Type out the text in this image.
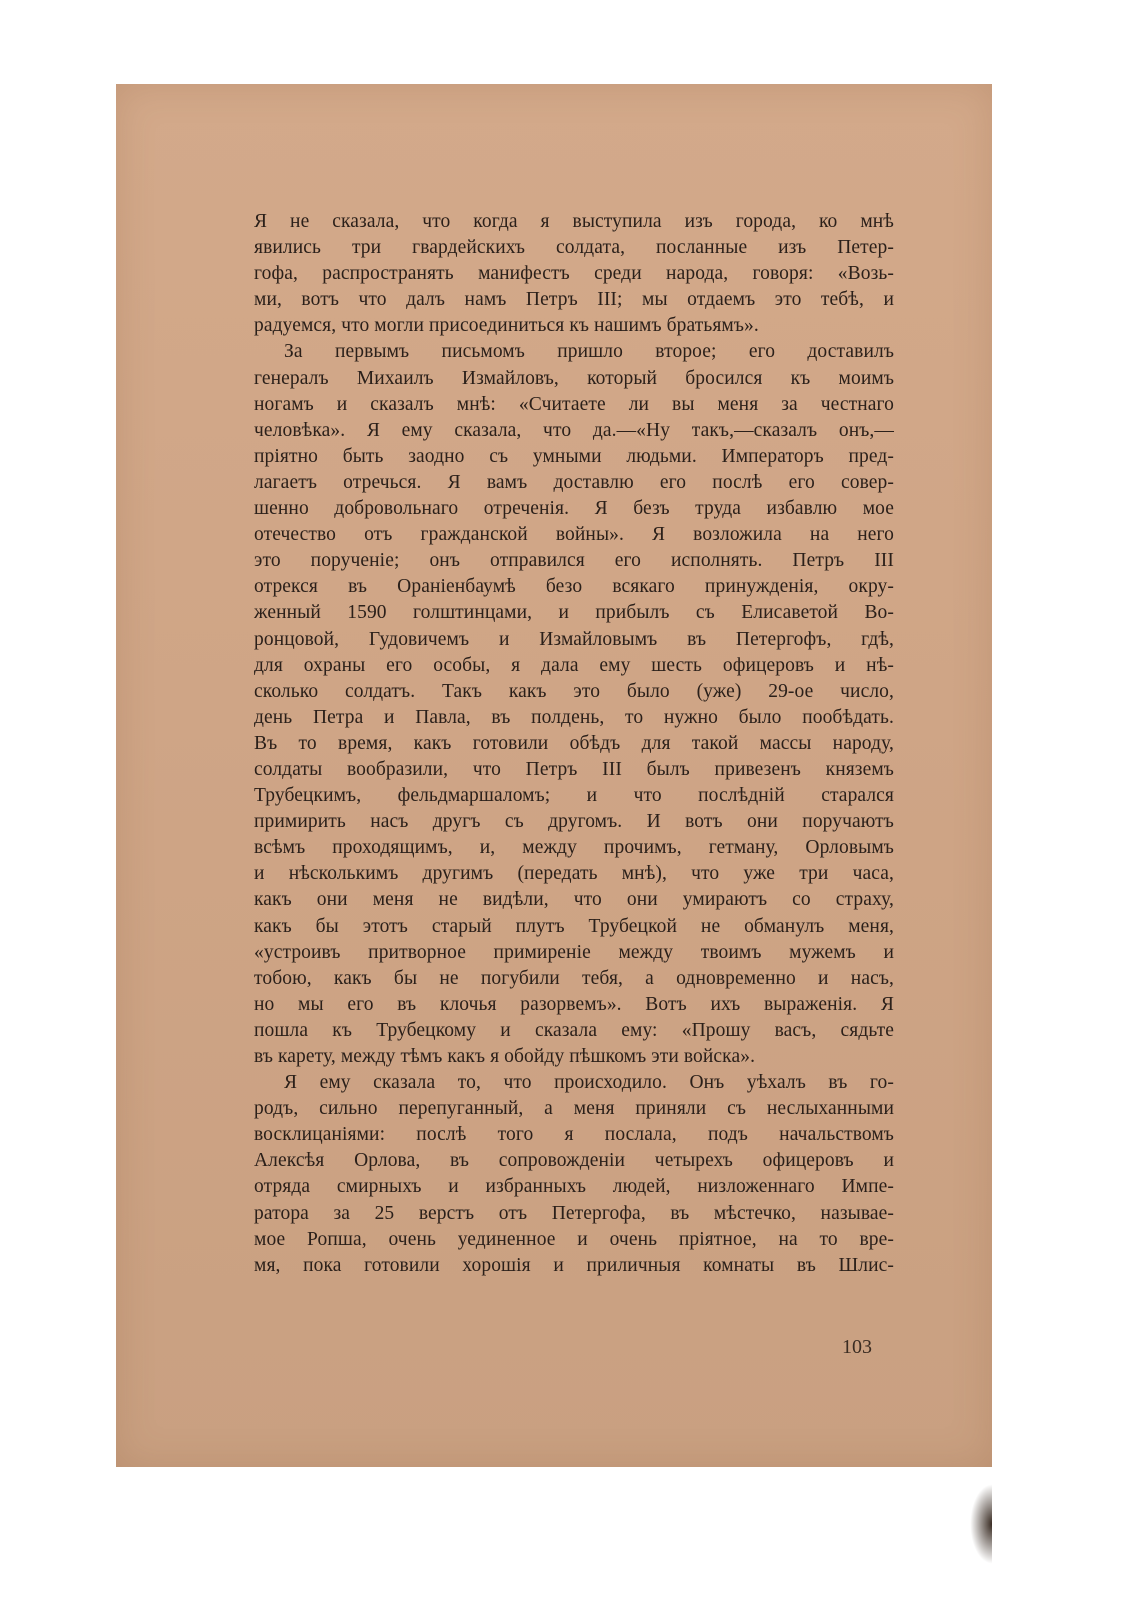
Я не сказала, что когда я выступила изъ города, ко мнѣ
явились три гвардейскихъ солдата, посланные изъ Петер-
гофа, распространять манифестъ среди народа, говоря: «Возь-
ми, вотъ что далъ намъ Петръ III; мы отдаемъ это тебѣ, и
радуемся, что могли присоединиться къ нашимъ братьямъ».
За первымъ письмомъ пришло второе; его доставилъ
генералъ Михаилъ Измайловъ, который бросился къ моимъ
ногамъ и сказалъ мнѣ: «Считаете ли вы меня за честнаго
человѣка». Я ему сказала, что да.—«Ну такъ,—сказалъ онъ,—
пріятно быть заодно съ умными людьми. Императоръ пред-
лагаетъ отречься. Я вамъ доставлю его послѣ его совер-
шенно добровольнаго отреченія. Я безъ труда избавлю мое
отечество отъ гражданской войны». Я возложила на него
это порученіе; онъ отправился его исполнять. Петръ III
отрекся въ Ораніенбаумѣ безо всякаго принужденія, окру-
женный 1590 голштинцами, и прибылъ съ Елисаветой Во-
ронцовой, Гудовичемъ и Измайловымъ въ Петергофъ, гдѣ,
для охраны его особы, я дала ему шесть офицеровъ и нѣ-
сколько солдатъ. Такъ какъ это было (уже) 29-ое число,
день Петра и Павла, въ полдень, то нужно было пообѣдать.
Въ то время, какъ готовили обѣдъ для такой массы народу,
солдаты вообразили, что Петръ III былъ привезенъ княземъ
Трубецкимъ, фельдмаршаломъ; и что послѣдній старался
примирить насъ другъ съ другомъ. И вотъ они поручаютъ
всѣмъ проходящимъ, и, между прочимъ, гетману, Орловымъ
и нѣсколькимъ другимъ (передать мнѣ), что уже три часа,
какъ они меня не видѣли, что они умираютъ со страху,
какъ бы этотъ старый плутъ Трубецкой не обманулъ меня,
«устроивъ притворное примиреніе между твоимъ мужемъ и
тобою, какъ бы не погубили тебя, а одновременно и насъ,
но мы его въ клочья разорвемъ». Вотъ ихъ выраженія. Я
пошла къ Трубецкому и сказала ему: «Прошу васъ, сядьте
въ карету, между тѣмъ какъ я обойду пѣшкомъ эти войска».
Я ему сказала то, что происходило. Онъ уѣхалъ въ го-
родъ, сильно перепуганный, а меня приняли съ неслыханными
восклицаніями: послѣ того я послала, подъ начальствомъ
Алексѣя Орлова, въ сопровожденіи четырехъ офицеровъ и
отряда смирныхъ и избранныхъ людей, низложеннаго Импе-
ратора за 25 верстъ отъ Петергофа, въ мѣстечко, называе-
мое Ропша, очень уединенное и очень пріятное, на то вре-
мя, пока готовили хорошія и приличныя комнаты въ Шлис-
103
